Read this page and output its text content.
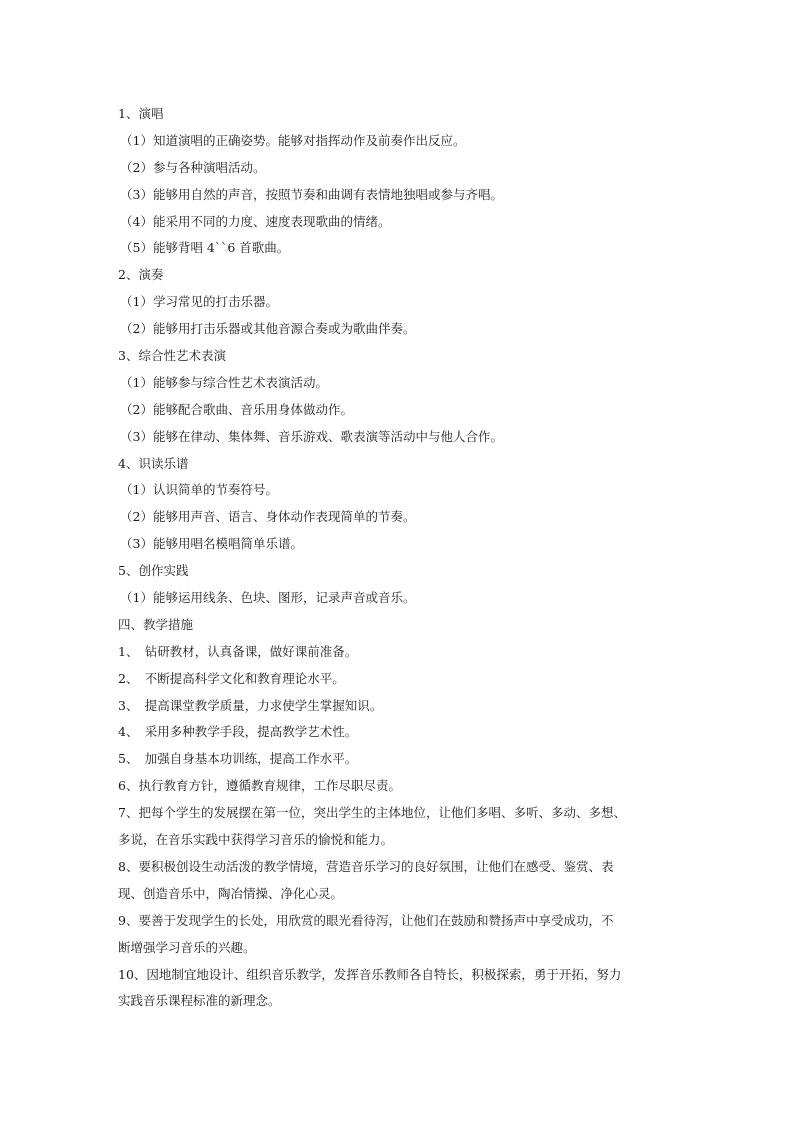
1、演唱
（1）知道演唱的正确姿势。能够对指挥动作及前奏作出反应。
（2）参与各种演唱活动。
（3）能够用自然的声音，按照节奏和曲调有表情地独唱或参与齐唱。
（4）能采用不同的力度、速度表现歌曲的情绪。
（5）能够背唱 4``6 首歌曲。
2、演奏
（1）学习常见的打击乐器。
（2）能够用打击乐器或其他音源合奏或为歌曲伴奏。
3、综合性艺术表演
（1）能够参与综合性艺术表演活动。
（2）能够配合歌曲、音乐用身体做动作。
（3）能够在律动、集体舞、音乐游戏、歌表演等活动中与他人合作。
4、识读乐谱
（1）认识简单的节奏符号。
（2）能够用声音、语言、身体动作表现简单的节奏。
（3）能够用唱名模唱简单乐谱。
5、创作实践
（1）能够运用线条、色块、图形，记录声音或音乐。
四、教学措施
1、　钻研教材，认真备课，做好课前准备。
2、　不断提高科学文化和教育理论水平。
3、　提高课堂教学质量，力求使学生掌握知识。
4、　采用多种教学手段，提高教学艺术性。
5、　加强自身基本功训练，提高工作水平。
6、执行教育方针，遵循教育规律，工作尽职尽责。
7、把每个学生的发展摆在第一位，突出学生的主体地位，让他们多唱、多听、多动、多想、
多说，在音乐实践中获得学习音乐的愉悦和能力。
8、要积极创设生动活泼的教学情境，营造音乐学习的良好氛围，让他们在感受、鉴赏、表
现、创造音乐中，陶冶情操、净化心灵。
9、要善于发现学生的长处，用欣赏的眼光看待泻，让他们在鼓励和赞扬声中享受成功，不
断增强学习音乐的兴趣。
10、因地制宜地设计、组织音乐教学，发挥音乐教师各自特长，积极探索，勇于开拓，努力
实践音乐课程标准的新理念。
